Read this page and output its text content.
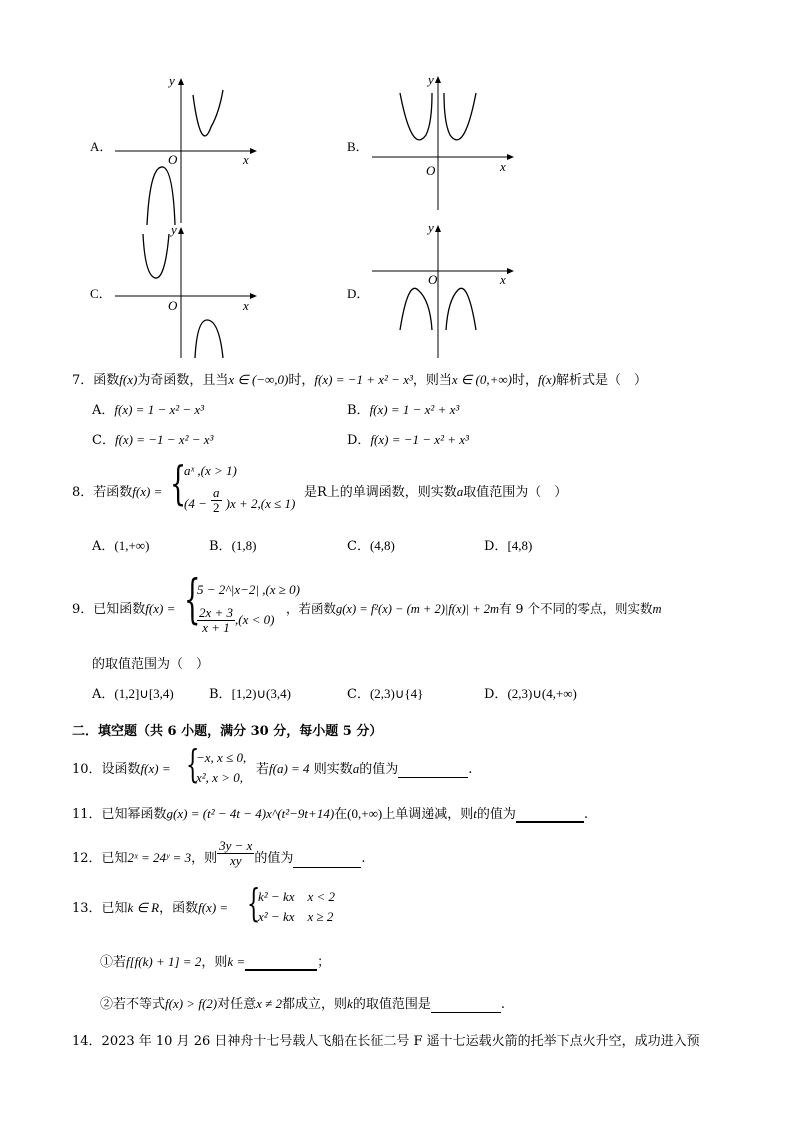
A．
y
x
O
B．
y
x
O
C．
y
x
O
D．
y
x
O
7．函数f(x)为奇函数，且当x ∈ (−∞,0)时，f(x) = −1 + x² − x³，则当x ∈ (0,+∞)时，f(x)解析式是（　）
A．f(x) = 1 − x² − x³	B．f(x) = 1 − x² + x³
C．f(x) = −1 − x² − x³	D．f(x) = −1 − x² + x³
8．若函数f(x) = {
aˣ ,(x > 1)
$(4 - \frac{a}{2} )x + 2,(x \le 1)$
是R上的单调函数，则实数a取值范围为（　）
A．(1,+∞)	B．(1,8)	C．(4,8)	D．[4,8)
9．已知函数f(x) = {
5 − 2^|x−2| ,(x ≥ 0)
$\frac{2x + 3}{x + 1} ,(x < 0)$
，若函数g(x) = f²(x) − (m + 2)|f(x)| + 2m有 9 个不同的零点，则实数m
的取值范围为（　）
A．(1,2]∪[3,4)	B．[1,2)∪(3,4)	C．(2,3)∪{4}	D．(2,3)∪(4,+∞)
二．填空题（共 6 小题，满分 30 分，每小题 5 分）
10．设函数f(x) = {
−x, x ≤ 0,
x², x > 0,
若f(a) = 4 则实数a的值为	.
11．已知幂函数g(x) = (t² − 4t − 4)x^(t²−9t+14)在(0,+∞)上单调递减，则t的值为	.
12．已知2ˣ = 24ʸ = 3，则 $\frac{3y - x}{xy}$ 的值为	.
13．已知k ∈ R，函数f(x) = {
k² − kx　x < 2
x² − kx　x ≥ 2
①若f[f(k) + 1] = 2，则k =	；
②若不等式f(x) > f(2)对任意x ≠ 2都成立，则k的取值范围是	.
14．2023 年 10 月 26 日神舟十七号载人飞船在长征二号 F 遥十七运载火箭的托举下点火升空，成功进入预
